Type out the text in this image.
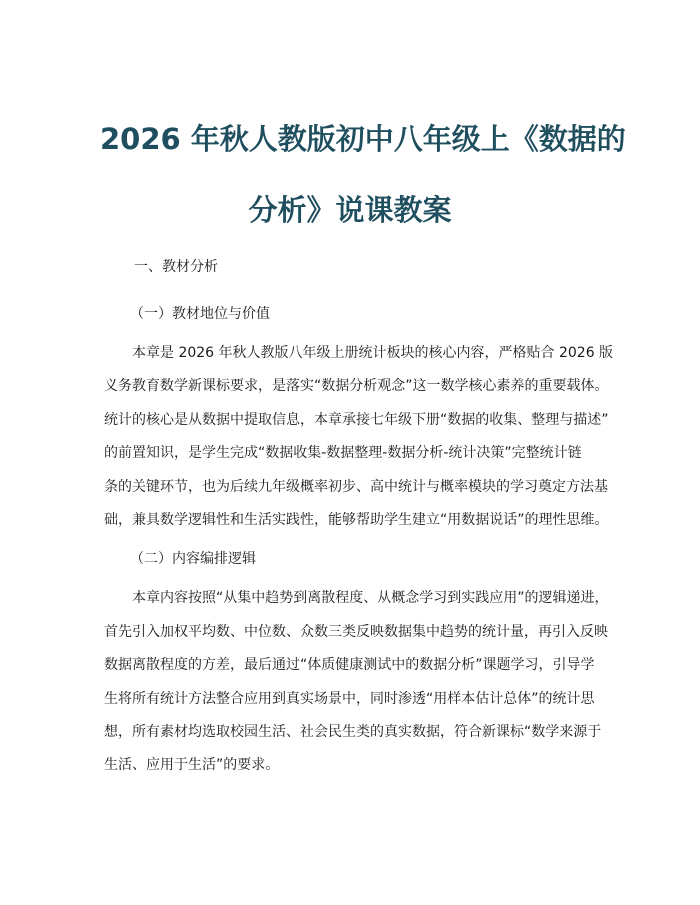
2026 年秋人教版初中八年级上《数据的
分析》说课教案

一、教材分析

（一）教材地位与价值

本章是 2026 年秋人教版八年级上册统计板块的核心内容，严格贴合 2026 版

义务教育数学新课标要求，是落实“数据分析观念”这一数学核心素养的重要载体。

统计的核心是从数据中提取信息，本章承接七年级下册“数据的收集、整理与描述”

的前置知识，是学生完成“数据收集-数据整理-数据分析-统计决策”完整统计链

条的关键环节，也为后续九年级概率初步、高中统计与概率模块的学习奠定方法基

础，兼具数学逻辑性和生活实践性，能够帮助学生建立“用数据说话”的理性思维。

（二）内容编排逻辑

本章内容按照“从集中趋势到离散程度、从概念学习到实践应用”的逻辑递进，

首先引入加权平均数、中位数、众数三类反映数据集中趋势的统计量，再引入反映

数据离散程度的方差，最后通过“体质健康测试中的数据分析”课题学习，引导学

生将所有统计方法整合应用到真实场景中，同时渗透“用样本估计总体”的统计思

想，所有素材均选取校园生活、社会民生类的真实数据，符合新课标“数学来源于

生活、应用于生活”的要求。
